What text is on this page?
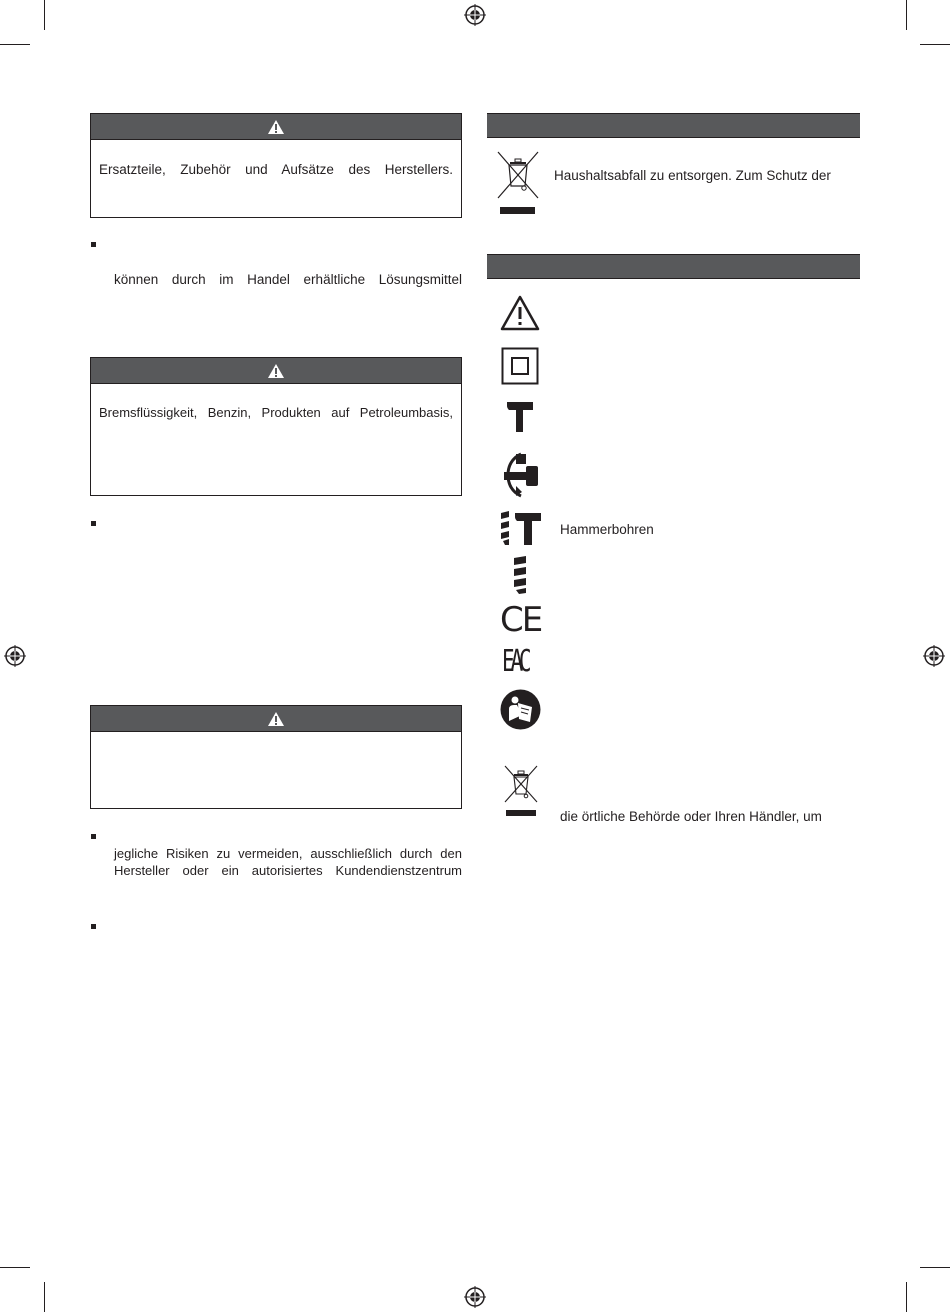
Ersatzteile, Zubehör und Aufsätze des Herstellers.
können durch im Handel erhältliche Lösungsmittel
Bremsflüssigkeit, Benzin, Produkten auf Petroleumbasis,
jegliche Risiken zu vermeiden, ausschließlich durch den
Hersteller oder ein autorisiertes Kundendienstzentrum
Haushaltsabfall zu entsorgen. Zum Schutz der
Hammerbohren
CE
EAC
die örtliche Behörde oder Ihren Händler, um
